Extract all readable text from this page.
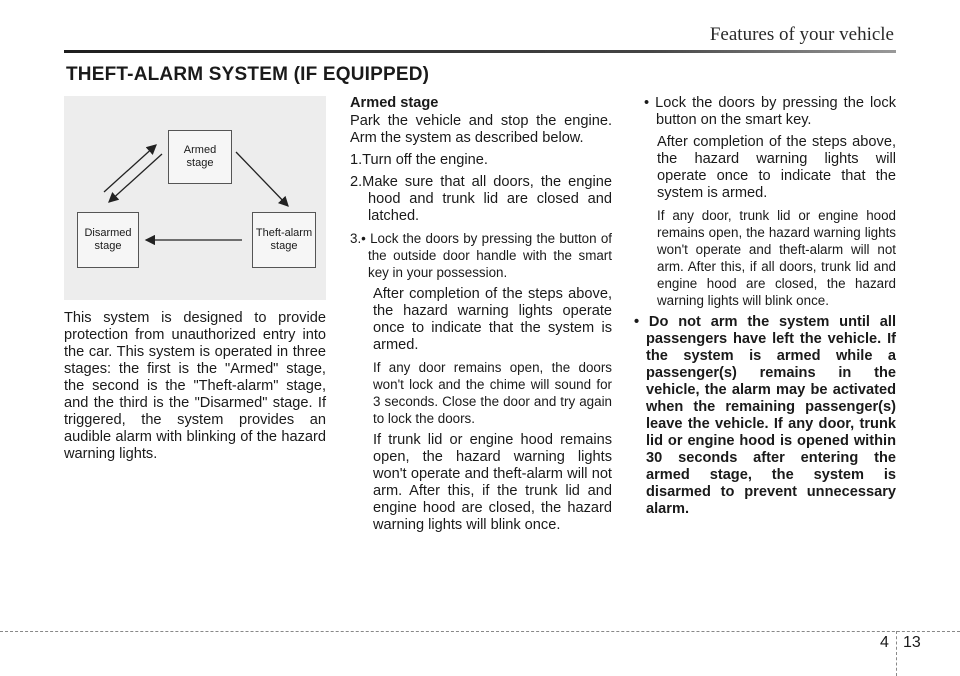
Features of your vehicle
THEFT-ALARM SYSTEM (IF EQUIPPED)
Armed
stage
Theft-alarm
stage
Disarmed
stage

This system is designed to provide protection from unauthorized entry into the car. This system is operated in three stages: the first is the "Armed" stage, the second is the "Theft-alarm" stage, and the third is the "Disarmed" stage. If triggered, the system provides an audible alarm with blinking of the hazard warning lights.

Armed stage

Park the vehicle and stop the engine. Arm the system as described below.

1.Turn off the engine.

2.Make sure that all doors, the engine hood and trunk lid are closed and latched.

3.• Lock the doors by pressing the button of the outside door handle with the smart key in your possession.

After completion of the steps above, the hazard warning lights operate once to indicate that the system is armed.

If any door remains open, the doors won't lock and the chime will sound for 3 seconds. Close the door and try again to lock the doors.

If trunk lid or engine hood remains open, the hazard warning lights won't operate and theft-alarm will not arm. After this, if the trunk lid and engine hood are closed, the hazard warning lights will blink once.

• Lock the doors by pressing the lock button on the smart key.

After completion of the steps above, the hazard warning lights will operate once to indicate that the system is armed.

If any door, trunk lid or engine hood remains open, the hazard warning lights won't operate and theft-alarm will not arm. After this, if all doors, trunk lid and engine hood are closed, the hazard warning lights will blink once.

• Do not arm the system until all passengers have left the vehicle. If the system is armed while a passenger(s) remains in the vehicle, the alarm may be activated when the remaining passenger(s) leave the vehicle. If any door, trunk lid or engine hood is opened within 30 seconds after entering the armed stage, the system is disarmed to prevent unnecessary alarm.

4 13
